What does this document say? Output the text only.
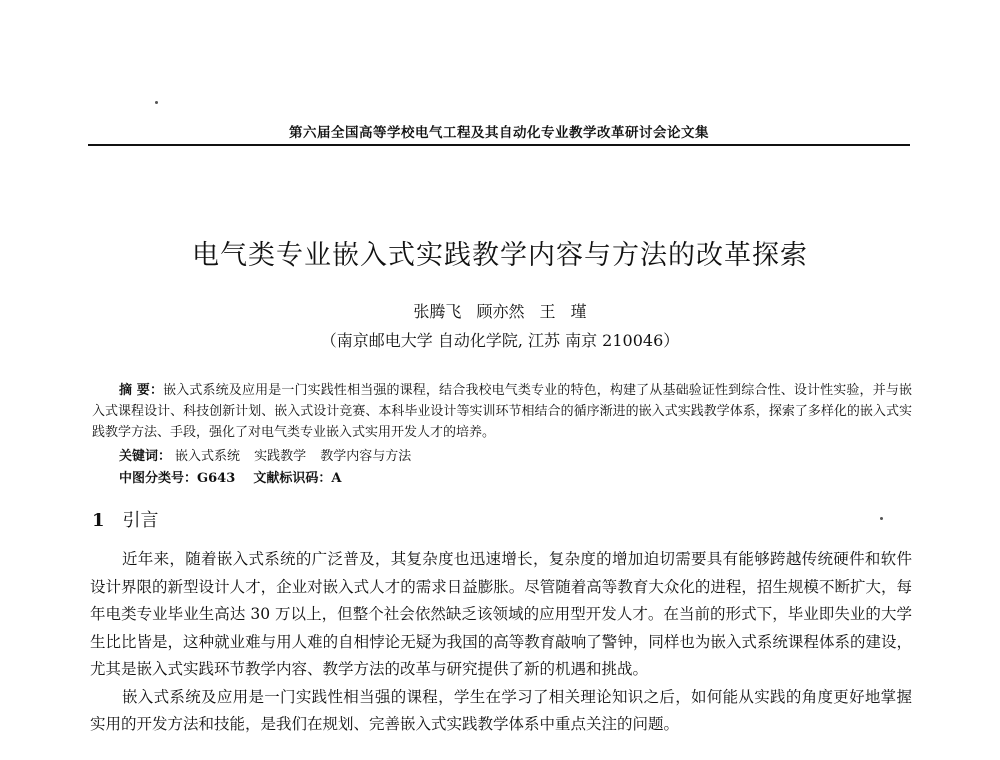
第六届全国高等学校电气工程及其自动化专业教学改革研讨会论文集
电气类专业嵌入式实践教学内容与方法的改革探索
张腾飞 顾亦然 王 瑾
（南京邮电大学 自动化学院, 江苏 南京 210046）
摘 要：嵌入式系统及应用是一门实践性相当强的课程，结合我校电气类专业的特色，构建了从基础验证性到综合性、设计性实验，并与嵌入式课程设计、科技创新计划、嵌入式设计竞赛、本科毕业设计等实训环节相结合的循序渐进的嵌入式实践教学体系，探索了多样化的嵌入式实践教学方法、手段，强化了对电气类专业嵌入式实用开发人才的培养。
关键词： 嵌入式系统 实践教学 教学内容与方法
中图分类号：G643 文献标识码：A
1 引言

近年来，随着嵌入式系统的广泛普及，其复杂度也迅速增长，复杂度的增加迫切需要具有能够跨越传统硬件和软件设计界限的新型设计人才，企业对嵌入式人才的需求日益膨胀。尽管随着高等教育大众化的进程，招生规模不断扩大，每年电类专业毕业生高达 30 万以上，但整个社会依然缺乏该领域的应用型开发人才。在当前的形式下，毕业即失业的大学生比比皆是，这种就业难与用人难的自相悖论无疑为我国的高等教育敲响了警钟，同样也为嵌入式系统课程体系的建设，尤其是嵌入式实践环节教学内容、教学方法的改革与研究提供了新的机遇和挑战。

嵌入式系统及应用是一门实践性相当强的课程，学生在学习了相关理论知识之后，如何能从实践的角度更好地掌握实用的开发方法和技能，是我们在规划、完善嵌入式实践教学体系中重点关注的问题。
